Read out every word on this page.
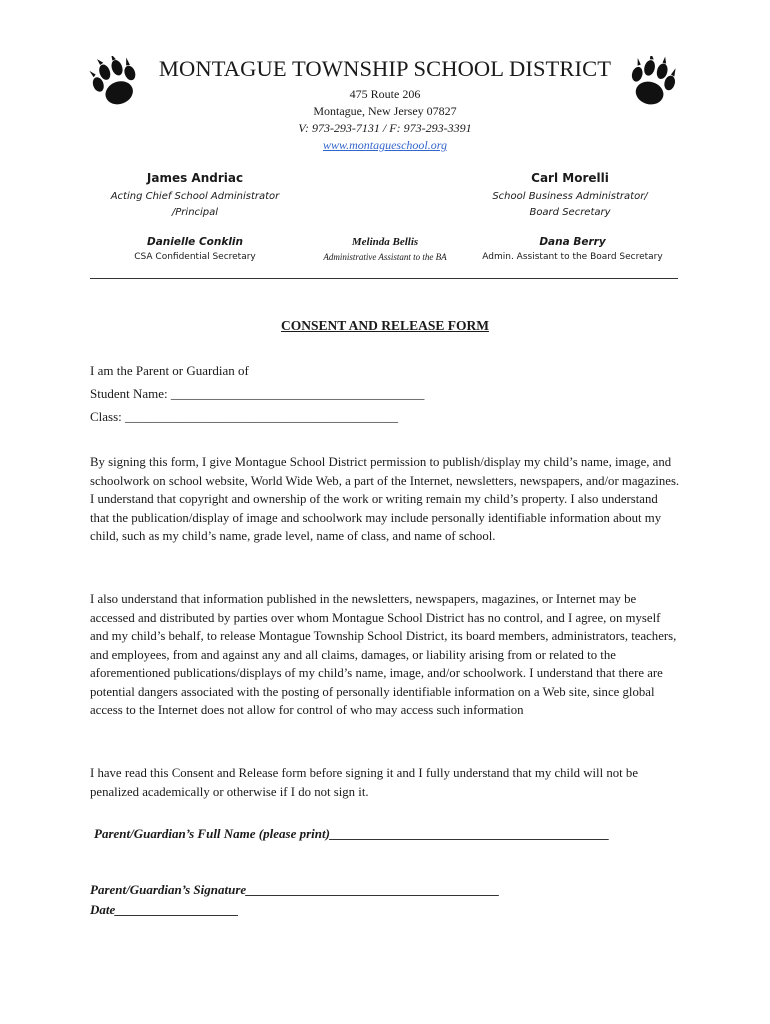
MONTAGUE TOWNSHIP SCHOOL DISTRICT
475 Route 206
Montague, New Jersey 07827
V: 973-293-7131 / F: 973-293-3391
www.montagueschool.org
James Andriac
Acting Chief School Administrator /Principal
Carl Morelli
School Business Administrator/ Board Secretary
Danielle Conklin
CSA Confidential Secretary
Melinda Bellis
Administrative Assistant to the BA
Dana Berry
Admin. Assistant to the Board Secretary
CONSENT AND RELEASE FORM
I am the Parent or Guardian of
Student Name: _______________________________________
Class: __________________________________________

By signing this form, I give Montague School District permission to publish/display my child’s name, image, and schoolwork on school website, World Wide Web, a part of the Internet, newsletters, newspapers, and/or magazines. I understand that copyright and ownership of the work or writing remain my child’s property. I also understand that the publication/display of image and schoolwork may include personally identifiable information about my child, such as my child’s name, grade level, name of class, and name of school.

I also understand that information published in the newsletters, newspapers, magazines, or Internet may be accessed and distributed by parties over whom Montague School District has no control, and I agree, on myself and my child’s behalf, to release Montague Township School District, its board members, administrators, teachers, and employees, from and against any and all claims, damages, or liability arising from or related to the aforementioned publications/displays of my child’s name, image, and/or schoolwork. I understand that there are potential dangers associated with the posting of personally identifiable information on a Web site, since global access to the Internet does not allow for control of who may access such information

I have read this Consent and Release form before signing it and I fully understand that my child will not be penalized academically or otherwise if I do not sign it.

Parent/Guardian’s Full Name (please print)___________________________________________
Parent/Guardian’s Signature_______________________________________
Date___________________
